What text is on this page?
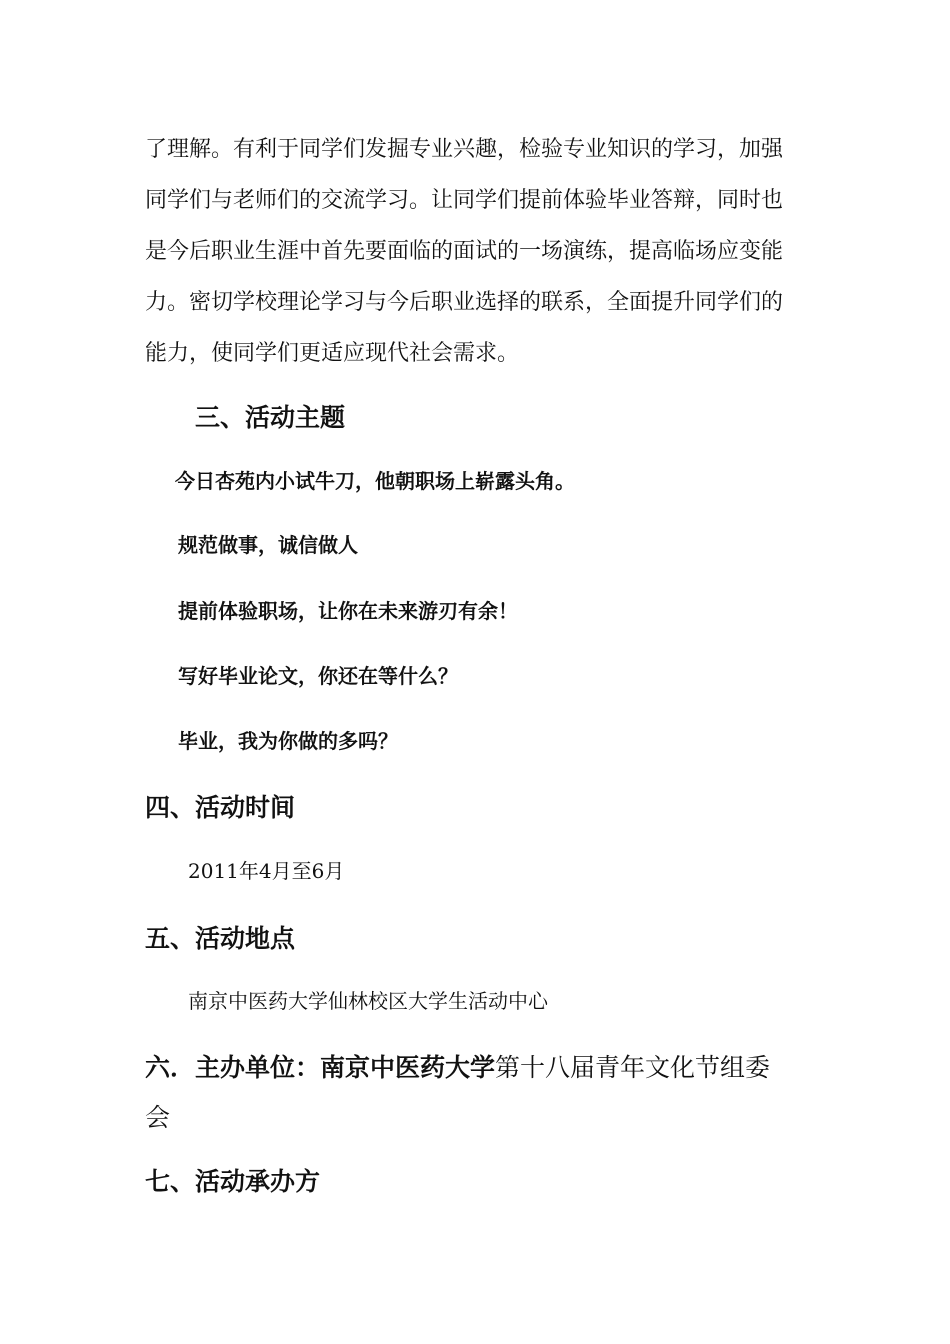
了理解。有利于同学们发掘专业兴趣，检验专业知识的学习，加强
同学们与老师们的交流学习。让同学们提前体验毕业答辩，同时也
是今后职业生涯中首先要面临的面试的一场演练，提高临场应变能
力。密切学校理论学习与今后职业选择的联系，全面提升同学们的
能力，使同学们更适应现代社会需求。
三、活动主题
今日杏苑内小试牛刀，他朝职场上崭露头角。
规范做事，诚信做人
提前体验职场，让你在未来游刃有余！
写好毕业论文，你还在等什么？
毕业，我为你做的多吗？
四、活动时间
2011年4月至6月
五、活动地点
南京中医药大学仙林校区大学生活动中心
六．主办单位：南京中医药大学第十八届青年文化节组委
会
七、活动承办方
